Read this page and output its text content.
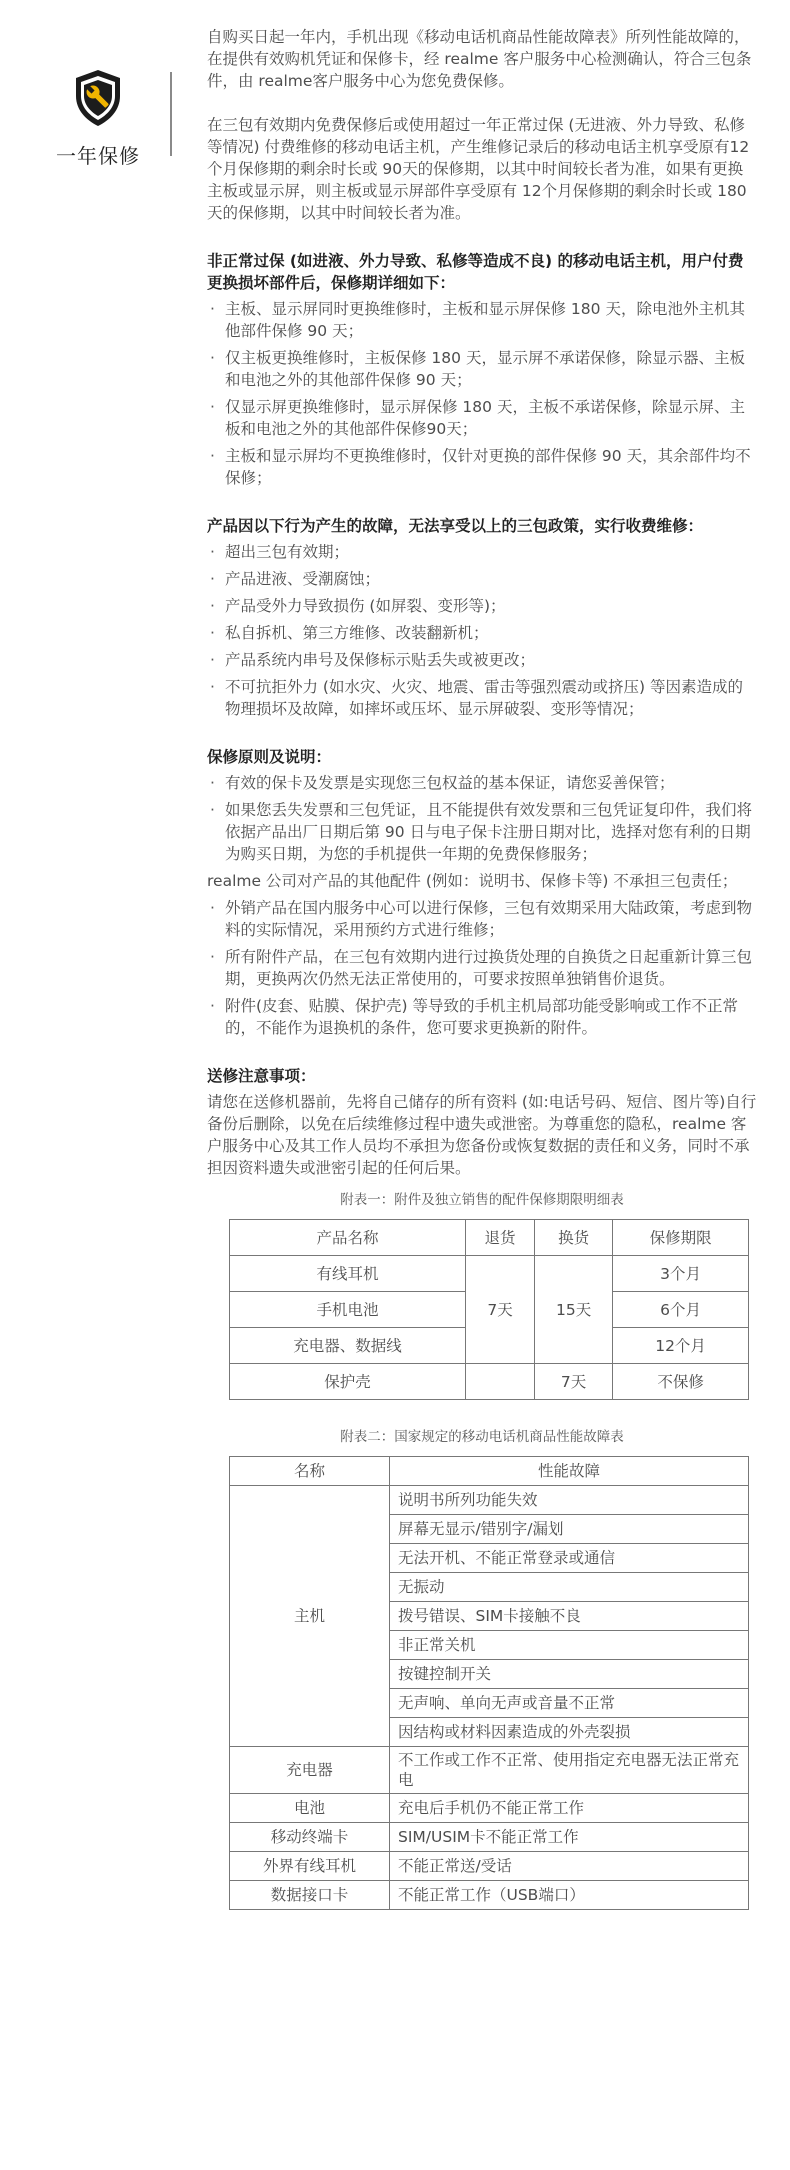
一年保修

自购买日起一年内，手机出现《移动电话机商品性能故障表》所列性能故障的，在提供有效购机凭证和保修卡，经 realme 客户服务中心检测确认，符合三包条件，由 realme客户服务中心为您免费保修。

在三包有效期内免费保修后或使用超过一年正常过保 (无进液、外力导致、私修等情况) 付费维修的移动电话主机，产生维修记录后的移动电话主机享受原有12个月保修期的剩余时长或 90天的保修期，以其中时间较长者为准，如果有更换主板或显示屏，则主板或显示屏部件享受原有 12个月保修期的剩余时长或 180 天的保修期，以其中时间较长者为准。

非正常过保 (如进液、外力导致、私修等造成不良) 的移动电话主机，用户付费更换损坏部件后，保修期详细如下：

· 主板、显示屏同时更换维修时，主板和显示屏保修 180 天，除电池外主机其他部件保修 90 天；
· 仅主板更换维修时，主板保修 180 天，显示屏不承诺保修，除显示器、主板和电池之外的其他部件保修 90 天；
· 仅显示屏更换维修时，显示屏保修 180 天，主板不承诺保修，除显示屏、主板和电池之外的其他部件保修90天；
· 主板和显示屏均不更换维修时，仅针对更换的部件保修 90 天，其余部件均不保修；

产品因以下行为产生的故障，无法享受以上的三包政策，实行收费维修：

· 超出三包有效期；
· 产品进液、受潮腐蚀；
· 产品受外力导致损伤 (如屏裂、变形等)；
· 私自拆机、第三方维修、改装翻新机；
· 产品系统内串号及保修标示贴丢失或被更改；
· 不可抗拒外力 (如水灾、火灾、地震、雷击等强烈震动或挤压) 等因素造成的物理损坏及故障，如摔坏或压坏、显示屏破裂、变形等情况；

保修原则及说明：

· 有效的保卡及发票是实现您三包权益的基本保证，请您妥善保管；
· 如果您丢失发票和三包凭证，且不能提供有效发票和三包凭证复印件，我们将依据产品出厂日期后第 90 日与电子保卡注册日期对比，选择对您有利的日期为购买日期，为您的手机提供一年期的免费保修服务；
realme 公司对产品的其他配件 (例如：说明书、保修卡等) 不承担三包责任；
· 外销产品在国内服务中心可以进行保修，三包有效期采用大陆政策，考虑到物料的实际情况，采用预约方式进行维修；
· 所有附件产品，在三包有效期内进行过换货处理的自换货之日起重新计算三包期，更换两次仍然无法正常使用的，可要求按照单独销售价退货。
· 附件(皮套、贴膜、保护壳) 等导致的手机主机局部功能受影响或工作不正常的，不能作为退换机的条件，您可要求更换新的附件。

送修注意事项：

请您在送修机器前，先将自己储存的所有资料 (如:电话号码、短信、图片等)自行备份后删除，以免在后续维修过程中遗失或泄密。为尊重您的隐私，realme 客户服务中心及其工作人员均不承担为您备份或恢复数据的责任和义务，同时不承担因资料遗失或泄密引起的任何后果。

附表一：附件及独立销售的配件保修期限明细表
产品名称	退货	换货	保修期限
有线耳机	7天	15天	3个月
手机电池			6个月
充电器、数据线			12个月
保护壳		7天	不保修
附表二：国家规定的移动电话机商品性能故障表
名称	性能故障
主机	说明书所列功能失效
	屏幕无显示/错别字/漏划
	无法开机、不能正常登录或通信
	无振动
	拨号错误、SIM卡接触不良
	非正常关机
	按键控制开关
	无声响、单向无声或音量不正常
	因结构或材料因素造成的外壳裂损
充电器	不工作或工作不正常、使用指定充电器无法正常充电
电池	充电后手机仍不能正常工作
移动终端卡	SIM/USIM卡不能正常工作
外界有线耳机	不能正常送/受话
数据接口卡	不能正常工作（USB端口）
